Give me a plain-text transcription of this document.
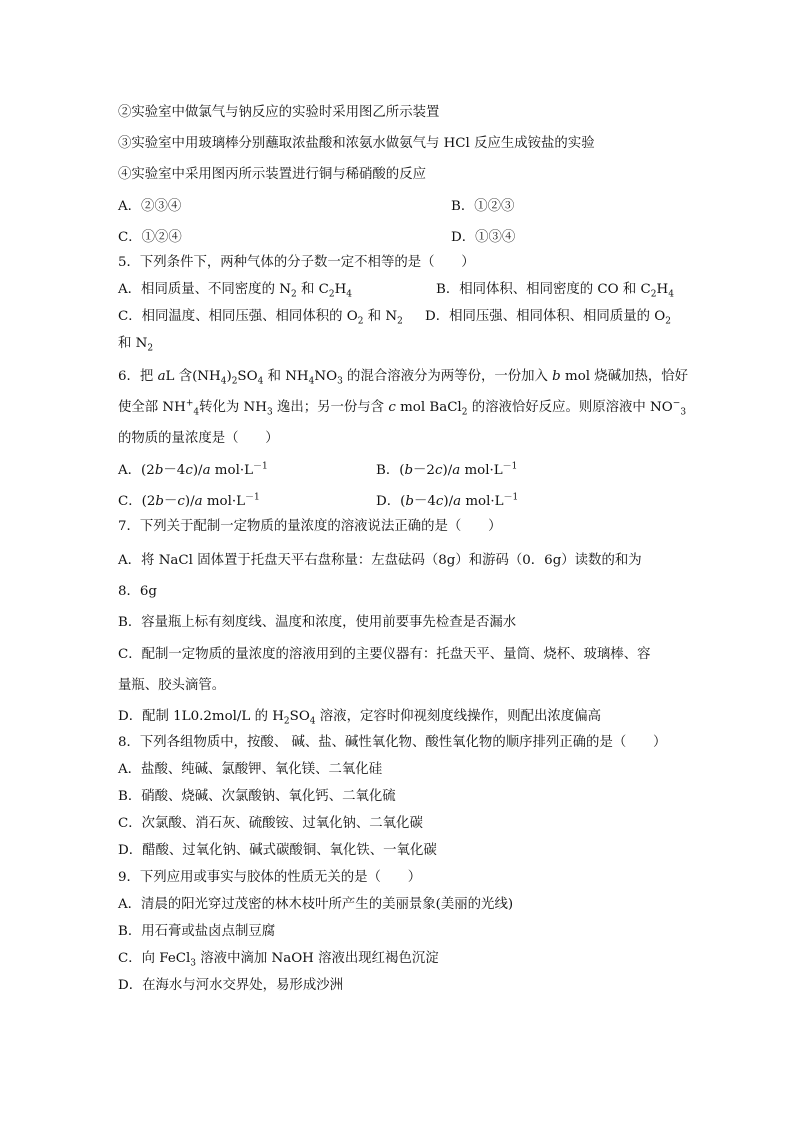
②实验室中做氯气与钠反应的实验时采用图乙所示装置
③实验室中用玻璃棒分别蘸取浓盐酸和浓氨水做氨气与 HCl 反应生成铵盐的实验
④实验室中采用图丙所示装置进行铜与稀硝酸的反应
A．②③④	B．①②③
C．①②④	D．①③④
5．下列条件下，两种气体的分子数一定不相等的是（　　）
A．相同质量、不同密度的 $N_2$ 和 $C_2H_4$	B．相同体积、相同密度的 CO 和 $C_2H_4$
C．相同温度、相同压强、相同体积的 $O_2$ 和 $N_2$ D．相同压强、相同体积、相同质量的 $O_2$
和 $N_2$
6．把 aL 含$(NH_4)_2SO_4$ 和 $NH_4NO_3$ 的混合溶液分为两等份，一份加入 b mol 烧碱加热，恰好
使全部 $NH^+_4$转化为 $NH_3$ 逸出；另一份与含 c mol BaCl$_2$ 的溶液恰好反应。则原溶液中 $NO^-_3$
的物质的量浓度是（　　）
A．(2b－4c)/a $mol\cdot L^{-1}$	B．(b－2c)/a $mol\cdot L^{-1}$
C．(2b－c)/a $mol\cdot L^{-1}$	D．(b－4c)/a $mol\cdot L^{-1}$
7．下列关于配制一定物质的量浓度的溶液说法正确的是（　　）
A．将 NaCl 固体置于托盘天平右盘称量：左盘砝码（8g）和游码（0．6g）读数的和为
8．6g
B．容量瓶上标有刻度线、温度和浓度，使用前要事先检查是否漏水
C．配制一定物质的量浓度的溶液用到的主要仪器有：托盘天平、量筒、烧杯、玻璃棒、容
量瓶、胶头滴管。
D．配制 1L0.2mol/L 的 $H_2SO_4$ 溶液，定容时仰视刻度线操作，则配出浓度偏高
8．下列各组物质中，按酸、 碱、盐、碱性氧化物、酸性氧化物的顺序排列正确的是（　　）
A．盐酸、纯碱、氯酸钾、氧化镁、二氧化硅
B．硝酸、烧碱、次氯酸钠、氧化钙、二氧化硫
C．次氯酸、消石灰、硫酸铵、过氧化钠、二氧化碳
D．醋酸、过氧化钠、碱式碳酸铜、氧化铁、一氧化碳
9．下列应用或事实与胶体的性质无关的是（　　）
A．清晨的阳光穿过茂密的林木枝叶所产生的美丽景象(美丽的光线)
B．用石膏或盐卤点制豆腐
C．向 FeCl$_3$ 溶液中滴加 NaOH 溶液出现红褐色沉淀
D．在海水与河水交界处，易形成沙洲
